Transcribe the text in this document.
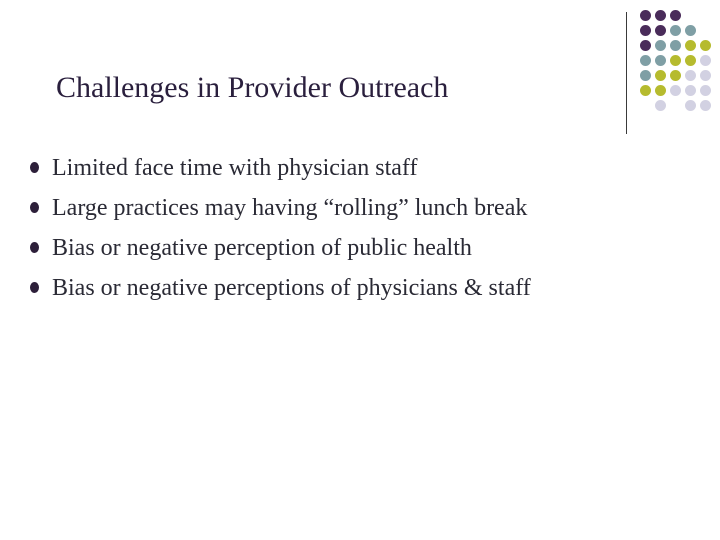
Challenges in Provider Outreach
Limited face time with physician staff
Large practices may having “rolling” lunch break
Bias or negative perception of public health
Bias or negative perceptions of physicians & staff
